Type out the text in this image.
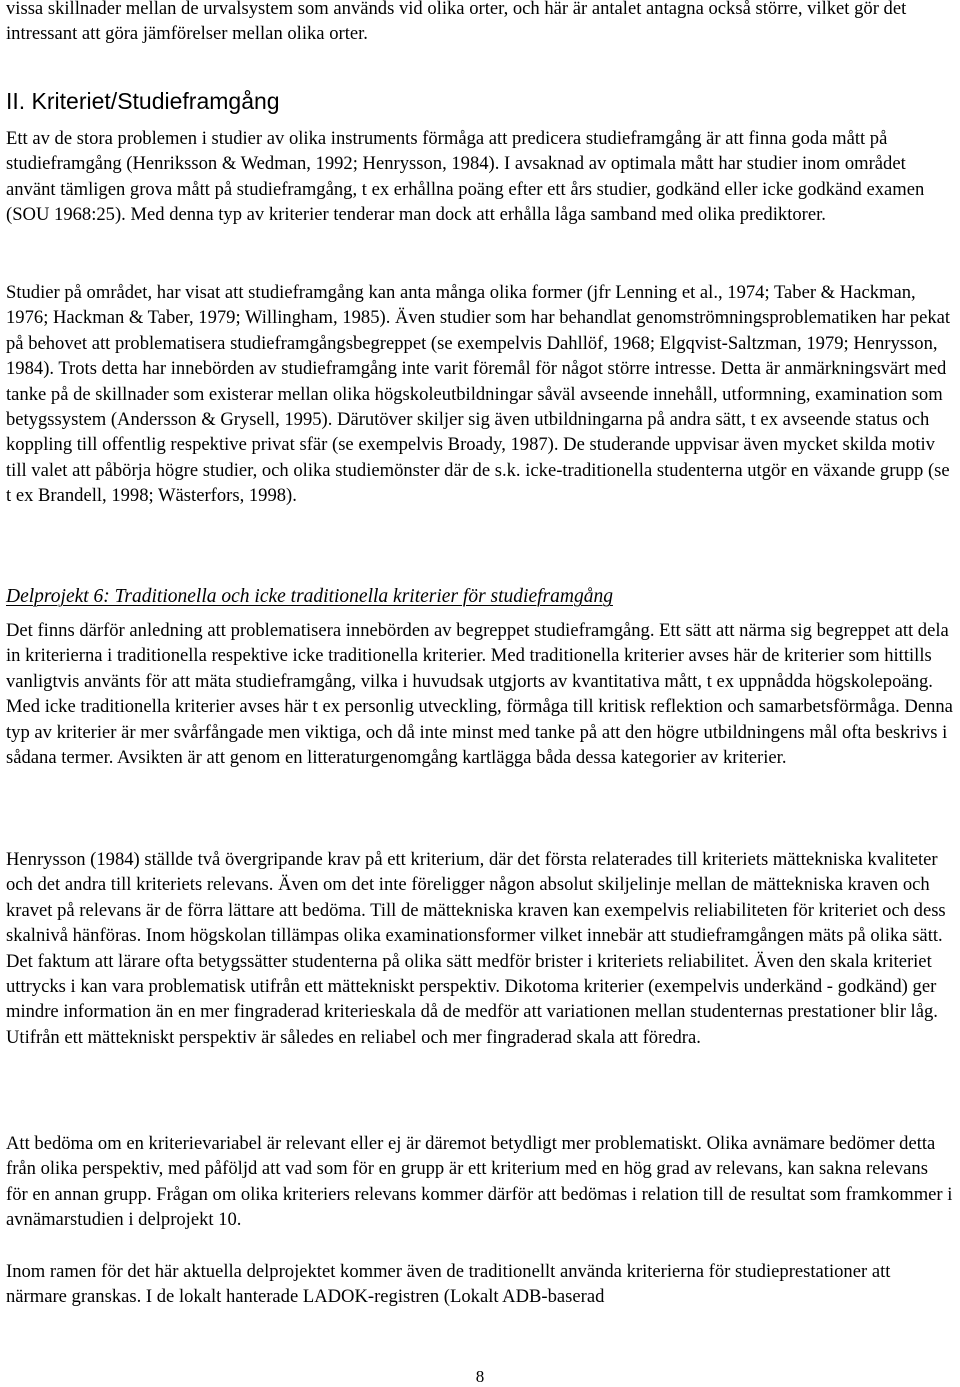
vissa skillnader mellan de urvalsystem som används vid olika orter, och här är antalet antagna också större, vilket gör det intressant att göra jämförelser mellan olika orter.

II. Kriteriet/Studieframgång

Ett av de stora problemen i studier av olika instruments förmåga att predicera studieframgång är att finna goda mått på studieframgång (Henriksson & Wedman, 1992; Henrysson, 1984). I avsaknad av optimala mått har studier inom området använt tämligen grova mått på studieframgång, t ex erhållna poäng efter ett års studier, godkänd eller icke godkänd examen (SOU 1968:25). Med denna typ av kriterier tenderar man dock att erhålla låga samband med olika prediktorer.

Studier på området, har visat att studieframgång kan anta många olika former (jfr Lenning et al., 1974; Taber & Hackman, 1976; Hackman & Taber, 1979; Willingham, 1985). Även studier som har behandlat genomströmningsproblematiken har pekat på behovet att problematisera studieframgångsbegreppet (se exempelvis Dahllöf, 1968; Elgqvist-Saltzman, 1979; Henrysson, 1984). Trots detta har innebörden av studieframgång inte varit föremål för något större intresse. Detta är anmärkningsvärt med tanke på de skillnader som existerar mellan olika högskoleutbildningar såväl avseende innehåll, utformning, examination som betygssystem (Andersson & Grysell, 1995). Därutöver skiljer sig även utbildningarna på andra sätt, t ex avseende status och koppling till offentlig respektive privat sfär (se exempelvis Broady, 1987). De studerande uppvisar även mycket skilda motiv till valet att påbörja högre studier, och olika studiemönster där de s.k. icke-traditionella studenterna utgör en växande grupp (se t ex Brandell, 1998; Wästerfors, 1998).

Delprojekt 6: Traditionella och icke traditionella kriterier för studieframgång

Det finns därför anledning att problematisera innebörden av begreppet studieframgång. Ett sätt att närma sig begreppet att dela in kriterierna i traditionella respektive icke traditionella kriterier. Med traditionella kriterier avses här de kriterier som hittills vanligtvis använts för att mäta studieframgång, vilka i huvudsak utgjorts av kvantitativa mått, t ex uppnådda högskolepoäng. Med icke traditionella kriterier avses här t ex personlig utveckling, förmåga till kritisk reflektion och samarbetsförmåga. Denna typ av kriterier är mer svårfångade men viktiga, och då inte minst med tanke på att den högre utbildningens mål ofta beskrivs i sådana termer. Avsikten är att genom en litteraturgenomgång kartlägga båda dessa kategorier av kriterier.

Henrysson (1984) ställde två övergripande krav på ett kriterium, där det första relaterades till kriteriets mättekniska kvaliteter och det andra till kriteriets relevans. Även om det inte föreligger någon absolut skiljelinje mellan de mättekniska kraven och kravet på relevans är de förra lättare att bedöma. Till de mättekniska kraven kan exempelvis reliabiliteten för kriteriet och dess skalnivå hänföras. Inom högskolan tillämpas olika examinationsformer vilket innebär att studieframgången mäts på olika sätt. Det faktum att lärare ofta betygssätter studenterna på olika sätt medför brister i kriteriets reliabilitet. Även den skala kriteriet uttrycks i kan vara problematisk utifrån ett mättekniskt perspektiv. Dikotoma kriterier (exempelvis underkänd - godkänd) ger mindre information än en mer fingraderad kriterieskala då de medför att variationen mellan studenternas prestationer blir låg. Utifrån ett mättekniskt perspektiv är således en reliabel och mer fingraderad skala att föredra.

Att bedöma om en kriterievariabel är relevant eller ej är däremot betydligt mer problematiskt. Olika avnämare bedömer detta från olika perspektiv, med påföljd att vad som för en grupp är ett kriterium med en hög grad av relevans, kan sakna relevans för en annan grupp. Frågan om olika kriteriers relevans kommer därför att bedömas i relation till de resultat som framkommer i avnämarstudien i delprojekt 10.

Inom ramen för det här aktuella delprojektet kommer även de traditionellt använda kriterierna för studieprestationer att närmare granskas. I de lokalt hanterade LADOK-registren (Lokalt ADB-baserad

8
